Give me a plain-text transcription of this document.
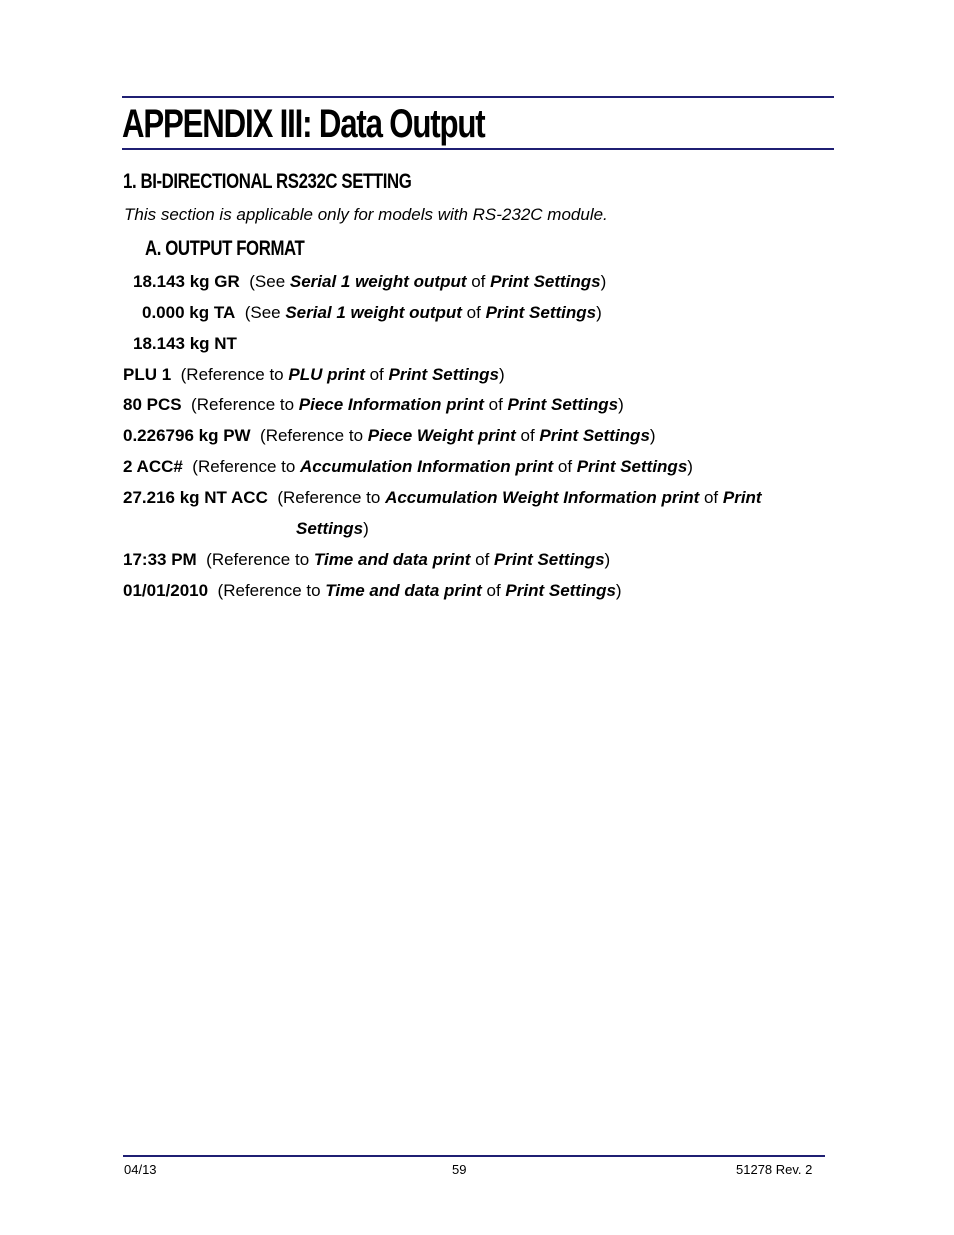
APPENDIX III: Data Output
1. BI-DIRECTIONAL RS232C SETTING
This section is applicable only for models with RS-232C module.
A. OUTPUT FORMAT
18.143 kg GR (See Serial 1 weight output of Print Settings)
0.000 kg TA (See Serial 1 weight output of Print Settings)
18.143 kg NT
PLU 1 (Reference to PLU print of Print Settings)
80 PCS (Reference to Piece Information print of Print Settings)
0.226796 kg PW (Reference to Piece Weight print of Print Settings)
2 ACC# (Reference to Accumulation Information print of Print Settings)
27.216 kg NT ACC (Reference to Accumulation Weight Information print of Print
Settings)
17:33 PM (Reference to Time and data print of Print Settings)
01/01/2010 (Reference to Time and data print of Print Settings)
04/13	59	51278 Rev. 2
